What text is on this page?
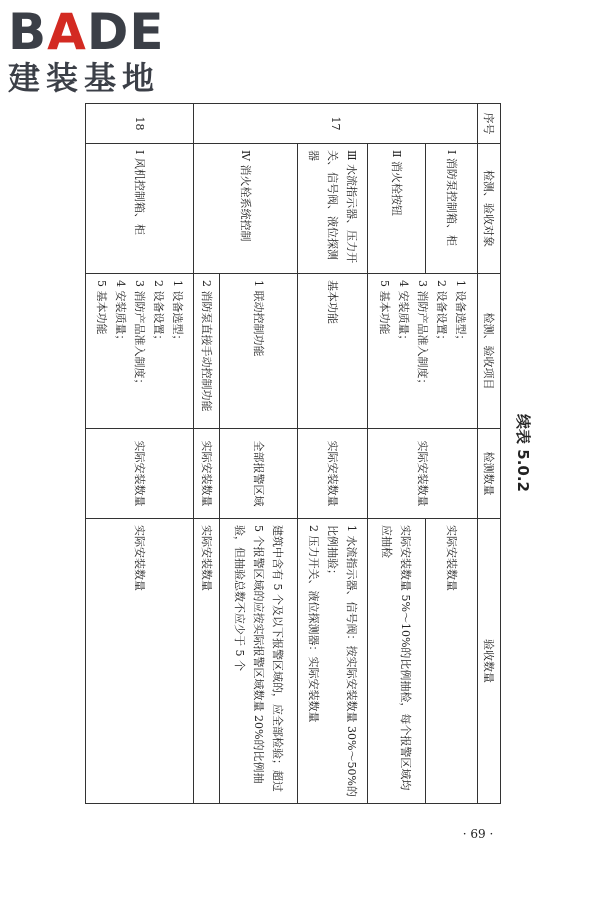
BADE
建装基地
续表 5.0.2
序号	检测、验收对象	检测、验收项目	检测数量	验收数量
17	Ⅰ 消防泵控制箱、柜	1 设备选型；
2 设备设置；
3 消防产品准入制度；
4 安装质量；
5 基本功能	实际安装数量	实际安装数量
	Ⅱ 消火栓按钮			实际安装数量 5%～10%的比例抽检，每个报警区域均应抽检
	Ⅲ 水流指示器、压力开关、信号阀、液位探测器	基本功能	实际安装数量	1 水流指示器、信号阀：按实际安装数量 30%～50%的比例抽验；
2 压力开关、液位探测器：实际安装数量

	Ⅳ 消火栓系统控制	1 联动控制功能	全部报警区域	建筑中含有 5 个及以下报警区域的，应全部检验；超过 5 个报警区域的应按实际报警区域数量 20%的比例抽验，但抽验总数不应少于 5 个
		2 消防泵直接手动控制功能	实际安装数量	实际安装数量
18	Ⅰ 风机控制箱、柜	1 设备选型；
2 设备设置；
3 消防产品准入制度；
4 安装质量；
5 基本功能	实际安装数量	实际安装数量
· 69 ·
